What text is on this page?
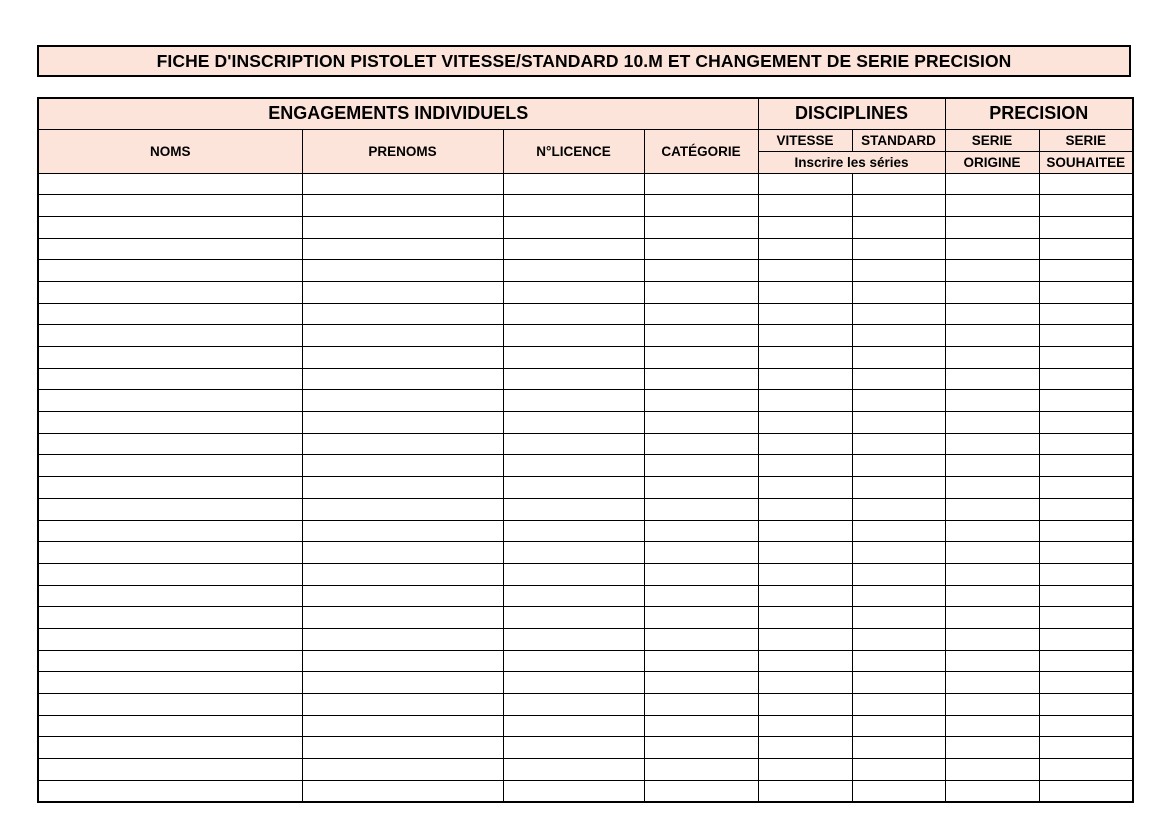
FICHE D'INSCRIPTION PISTOLET VITESSE/STANDARD 10.M ET CHANGEMENT DE SERIE PRECISION
ENGAGEMENTS INDIVIDUELS				DISCIPLINES		PRECISION	
NOMS	PRENOMS	N°LICENCE	CATÉGORIE	VITESSE	STANDARD	SERIE	SERIE
				Inscrire les séries		ORIGINE	SOUHAITEE
